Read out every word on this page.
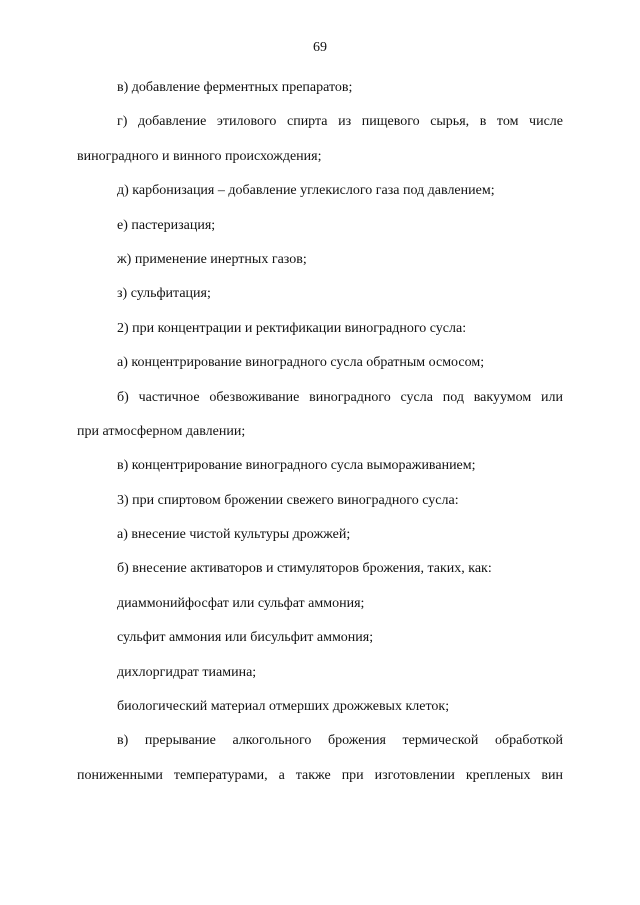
69
в) добавление ферментных препаратов;
г) добавление этилового спирта из пищевого сырья, в том числе
виноградного и винного происхождения;
д) карбонизация – добавление углекислого газа под давлением;
е) пастеризация;
ж) применение инертных газов;
з) сульфитация;
2) при концентрации и ректификации виноградного сусла:
а) концентрирование виноградного сусла обратным осмосом;
б) частичное обезвоживание виноградного сусла под вакуумом или
при атмосферном давлении;
в) концентрирование виноградного сусла вымораживанием;
3) при спиртовом брожении свежего виноградного сусла:
а) внесение чистой культуры дрожжей;
б) внесение активаторов и стимуляторов брожения, таких, как:
диаммонийфосфат или сульфат аммония;
сульфит аммония или бисульфит аммония;
дихлоргидрат тиамина;
биологический материал отмерших дрожжевых клеток;
в) прерывание алкогольного брожения термической обработкой
пониженными температурами, а также при изготовлении крепленых вин
